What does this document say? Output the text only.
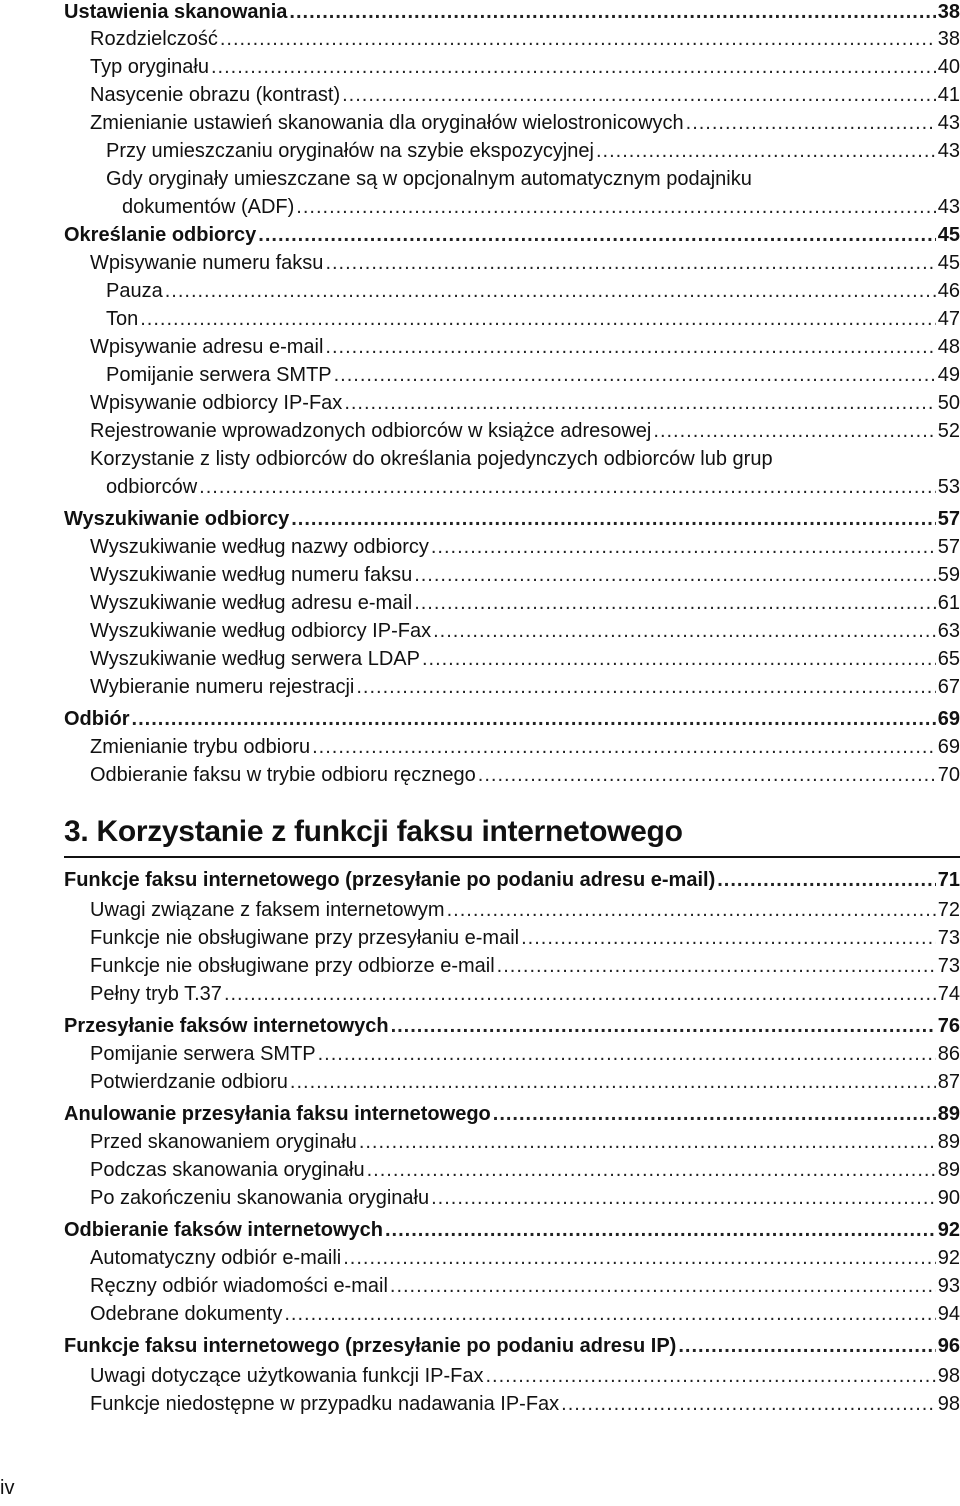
Ustawienia skanowania .....	38
Rozdzielczość .....	38
Typ oryginału .....	40
Nasycenie obrazu (kontrast) .....	41
Zmienianie ustawień skanowania dla oryginałów wielostronicowych .....	43
Przy umieszczaniu oryginałów na szybie ekspozycyjnej .....	43
Gdy oryginały umieszczane są w opcjonalnym automatycznym podajniku
dokumentów (ADF) .....	43
Określanie odbiorcy .....	45
Wpisywanie numeru faksu .....	45
Pauza .....	46
Ton .....	47
Wpisywanie adresu e-mail .....	48
Pomijanie serwera SMTP .....	49
Wpisywanie odbiorcy IP-Fax .....	50
Rejestrowanie wprowadzonych odbiorców w książce adresowej .....	52
Korzystanie z listy odbiorców do określania pojedynczych odbiorców lub grup
odbiorców .....	53
Wyszukiwanie odbiorcy .....	57
Wyszukiwanie według nazwy odbiorcy .....	57
Wyszukiwanie według numeru faksu .....	59
Wyszukiwanie według adresu e-mail .....	61
Wyszukiwanie według odbiorcy IP-Fax .....	63
Wyszukiwanie według serwera LDAP .....	65
Wybieranie numeru rejestracji .....	67
Odbiór .....	69
Zmienianie trybu odbioru .....	69
Odbieranie faksu w trybie odbioru ręcznego .....	70
3. Korzystanie z funkcji faksu internetowego
Funkcje faksu internetowego (przesyłanie po podaniu adresu e-mail) .....	71
Uwagi związane z faksem internetowym .....	72
Funkcje nie obsługiwane przy przesyłaniu e-mail .....	73
Funkcje nie obsługiwane przy odbiorze e-mail .....	73
Pełny tryb T.37 .....	74
Przesyłanie faksów internetowych .....	76
Pomijanie serwera SMTP .....	86
Potwierdzanie odbioru .....	87
Anulowanie przesyłania faksu internetowego .....	89
Przed skanowaniem oryginału .....	89
Podczas skanowania oryginału .....	89
Po zakończeniu skanowania oryginału .....	90
Odbieranie faksów internetowych .....	92
Automatyczny odbiór e-maili .....	92
Ręczny odbiór wiadomości e-mail .....	93
Odebrane dokumenty .....	94
Funkcje faksu internetowego (przesyłanie po podaniu adresu IP) .....	96
Uwagi dotyczące użytkowania funkcji IP-Fax .....	98
Funkcje niedostępne w przypadku nadawania IP-Fax .....	98
iv
